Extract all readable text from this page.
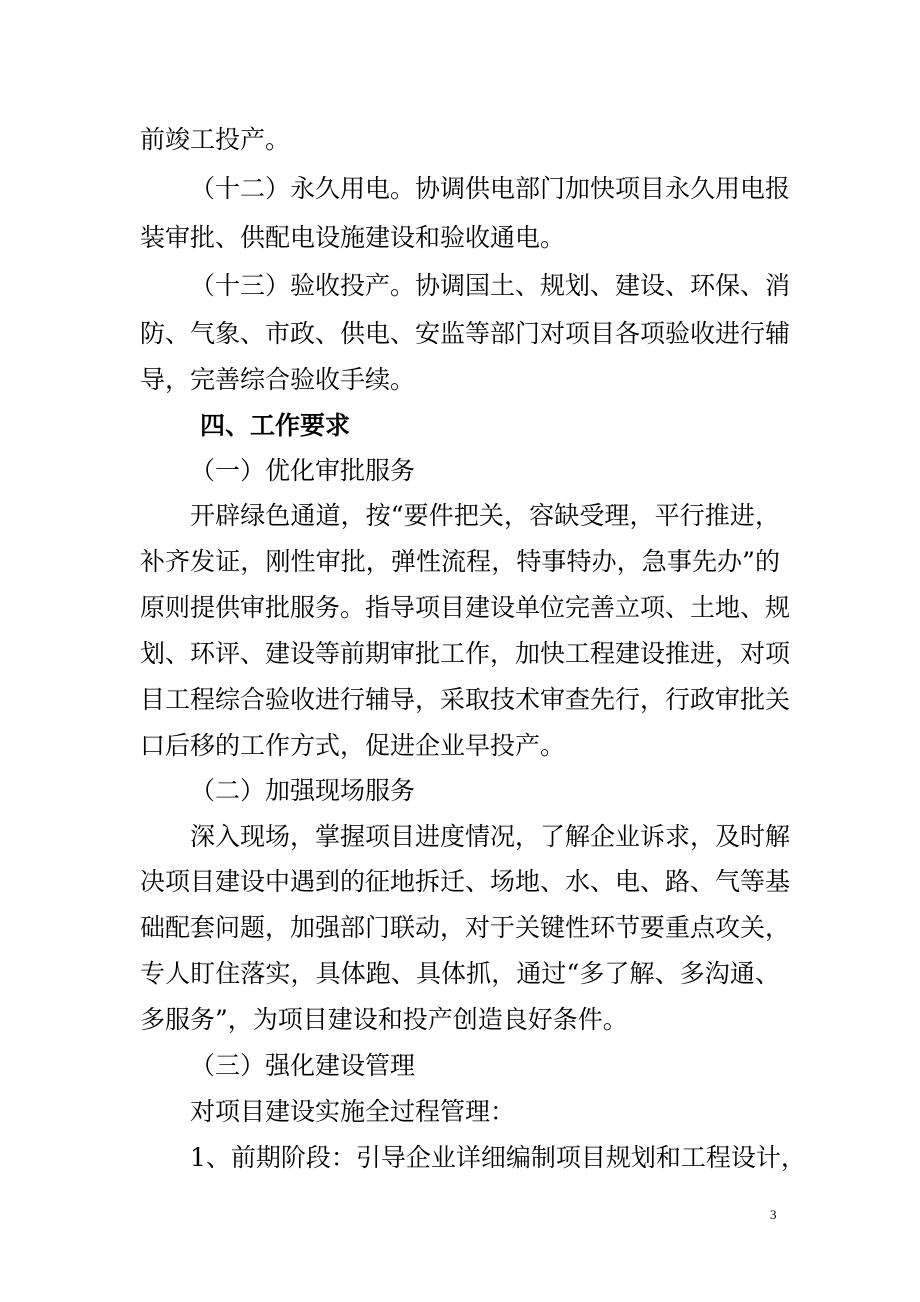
前竣工投产。
（十二）永久用电。协调供电部门加快项目永久用电报
装审批、供配电设施建设和验收通电。
（十三）验收投产。协调国土、规划、建设、环保、消
防、气象、市政、供电、安监等部门对项目各项验收进行辅
导，完善综合验收手续。
四、工作要求
（一）优化审批服务
开辟绿色通道，按“要件把关，容缺受理，平行推进，
补齐发证，刚性审批，弹性流程，特事特办，急事先办”的
原则提供审批服务。指导项目建设单位完善立项、土地、规
划、环评、建设等前期审批工作，加快工程建设推进，对项
目工程综合验收进行辅导，采取技术审查先行，行政审批关
口后移的工作方式，促进企业早投产。
（二）加强现场服务
深入现场，掌握项目进度情况，了解企业诉求，及时解
决项目建设中遇到的征地拆迁、场地、水、电、路、气等基
础配套问题，加强部门联动，对于关键性环节要重点攻关，
专人盯住落实，具体跑、具体抓，通过“多了解、多沟通、
多服务”，为项目建设和投产创造良好条件。
（三）强化建设管理
对项目建设实施全过程管理：
1、前期阶段：引导企业详细编制项目规划和工程设计，
3
